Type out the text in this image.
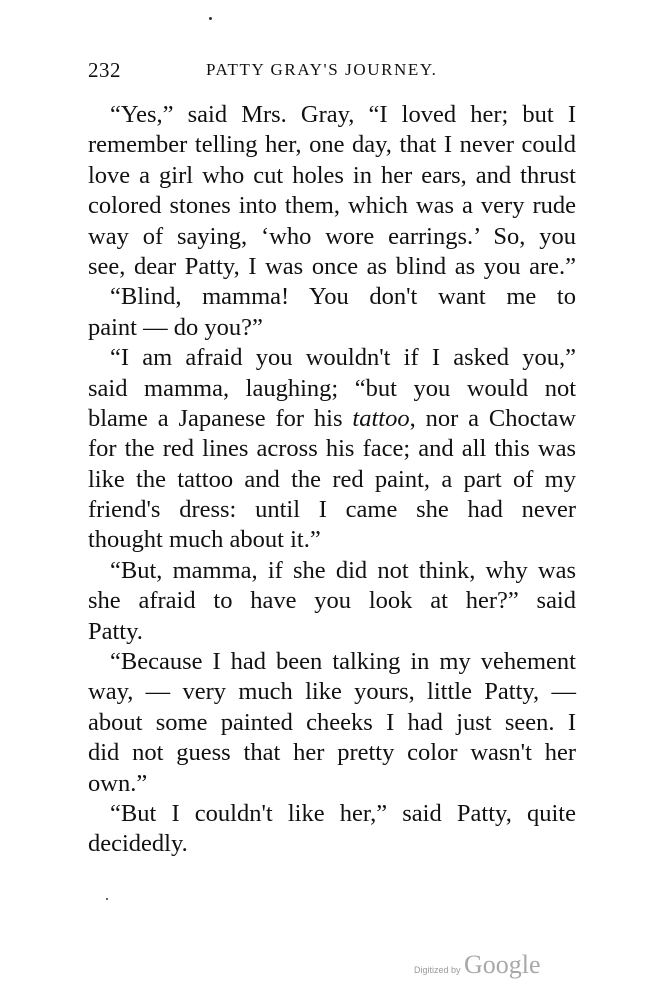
232	PATTY GRAY'S JOURNEY.
“Yes,” said Mrs. Gray, “I loved her; but I
remember telling her, one day, that I never could
love a girl who cut holes in her ears, and thrust
colored stones into them, which was a very rude
way of saying, ‘who wore earrings.’ So, you
see, dear Patty, I was once as blind as you are.”
“Blind, mamma! You don't want me to
paint — do you?”
“I am afraid you wouldn't if I asked you,”
said mamma, laughing; “but you would not
blame a Japanese for his tattoo, nor a Choctaw
for the red lines across his face; and all this was
like the tattoo and the red paint, a part of my
friend's dress: until I came she had never
thought much about it.”
“But, mamma, if she did not think, why was
she afraid to have you look at her?” said
Patty.
“Because I had been talking in my vehement
way, — very much like yours, little Patty, —
about some painted cheeks I had just seen. I
did not guess that her pretty color wasn't her
own.”
“But I couldn't like her,” said Patty, quite
decidedly.
Digitized by Google
